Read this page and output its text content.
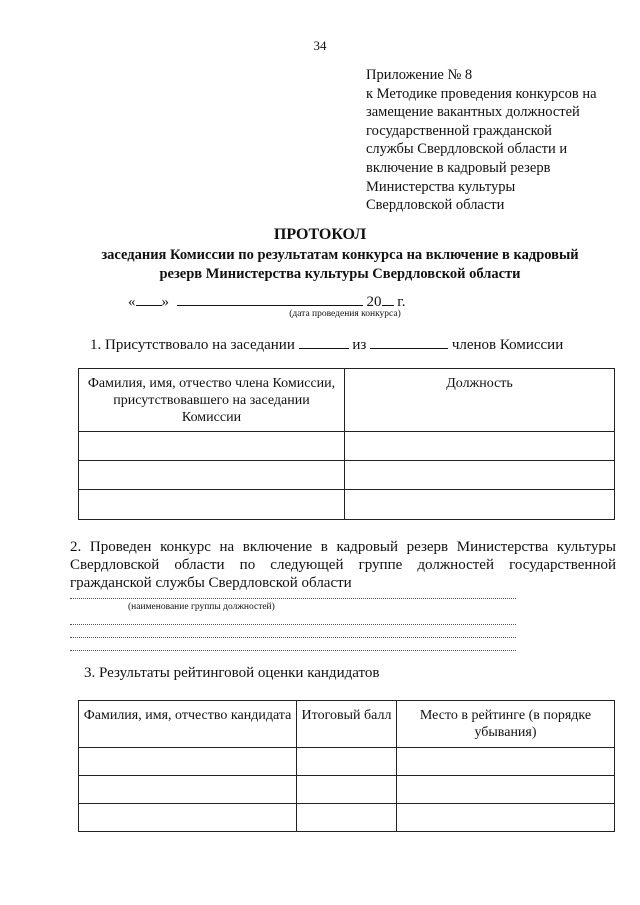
34
Приложение № 8
к Методике проведения конкурсов на
замещение вакантных должностей
государственной гражданской
службы Свердловской области и
включение в кадровый резерв
Министерства культуры
Свердловской области
ПРОТОКОЛ
заседания Комиссии по результатам конкурса на включение в кадровый
резерв Министерства культуры Свердловской области
« »	20 г.
(дата проведения конкурса)
1. Присутствовало на заседании	из	членов Комиссии
Фамилия, имя, отчество члена Комиссии, присутствовавшего на заседании Комиссии	Должность

2. Проведен конкурс на включение в кадровый резерв Министерства культуры Свердловской области по следующей группе должностей государственной гражданской службы Свердловской области
(наименование группы должностей)
3. Результаты рейтинговой оценки кандидатов
Фамилия, имя, отчество кандидата	Итоговый балл	Место в рейтинге (в порядке убывания)
